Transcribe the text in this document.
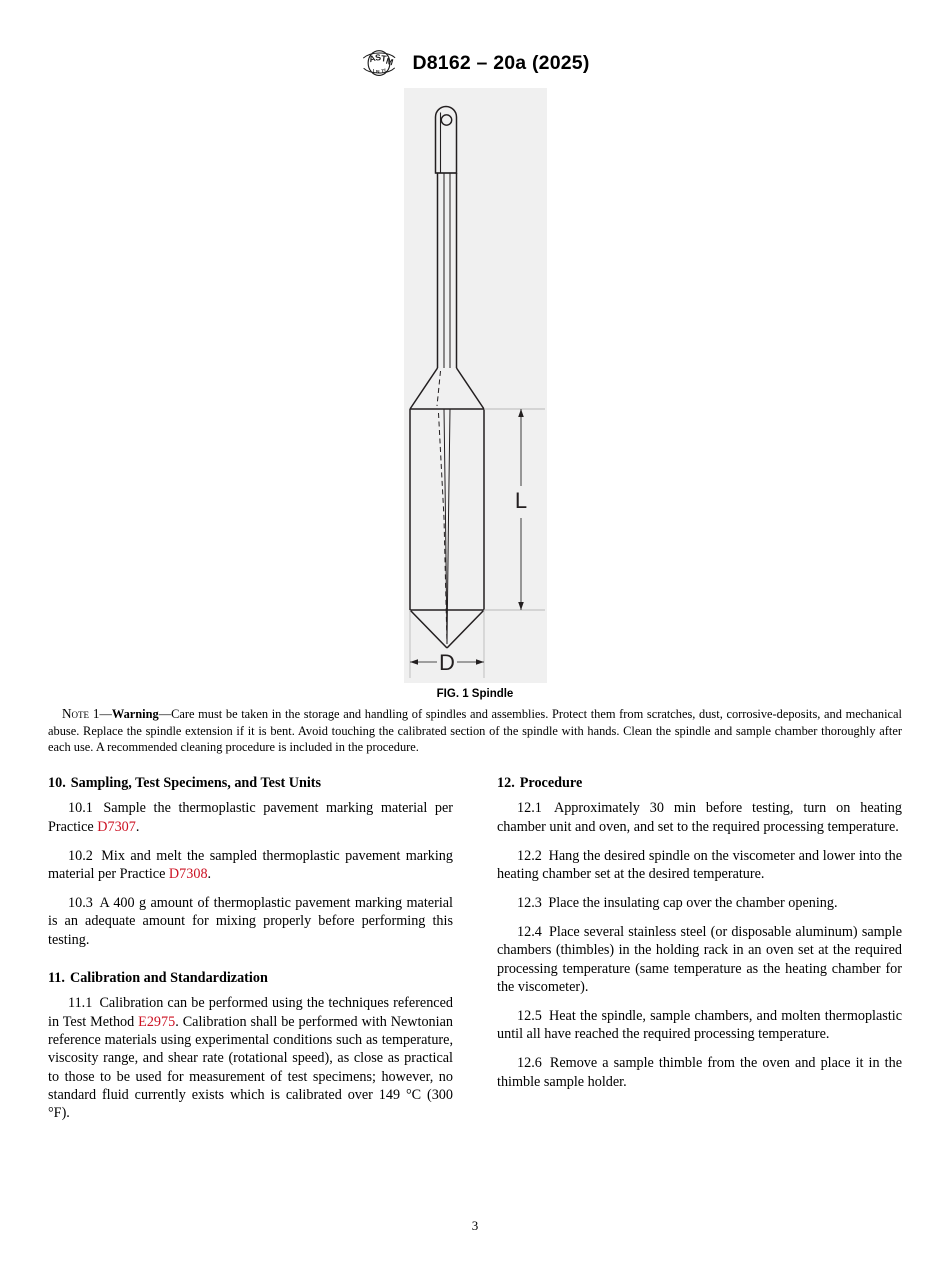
A
S T
M
I N T L D8162 – 20a (2025)
L
D
FIG. 1 Spindle
Note 1—Warning—Care must be taken in the storage and handling of spindles and assemblies. Protect them from scratches, dust, corrosive-deposits, and mechanical abuse. Replace the spindle extension if it is bent. Avoid touching the calibrated section of the spindle with hands. Clean the spindle and sample chamber thoroughly after each use. A recommended cleaning procedure is included in the procedure.
10. Sampling, Test Specimens, and Test Units

10.1 Sample the thermoplastic pavement marking material per Practice D7307.

10.2 Mix and melt the sampled thermoplastic pavement marking material per Practice D7308.

10.3 A 400 g amount of thermoplastic pavement marking material is an adequate amount for mixing properly before performing this testing.

11. Calibration and Standardization

11.1 Calibration can be performed using the techniques referenced in Test Method E2975. Calibration shall be performed with Newtonian reference materials using experimental conditions such as temperature, viscosity range, and shear rate (rotational speed), as close as practical to those to be used for measurement of test specimens; however, no standard fluid currently exists which is calibrated over 149 °C (300 °F).

12. Procedure

12.1 Approximately 30 min before testing, turn on heating chamber unit and oven, and set to the required processing temperature.

12.2 Hang the desired spindle on the viscometer and lower into the heating chamber set at the desired temperature.

12.3 Place the insulating cap over the chamber opening.

12.4 Place several stainless steel (or disposable aluminum) sample chambers (thimbles) in the holding rack in an oven set at the required processing temperature (same temperature as the heating chamber for the viscometer).

12.5 Heat the spindle, sample chambers, and molten thermoplastic until all have reached the required processing temperature.

12.6 Remove a sample thimble from the oven and place it in the thimble sample holder.

3
